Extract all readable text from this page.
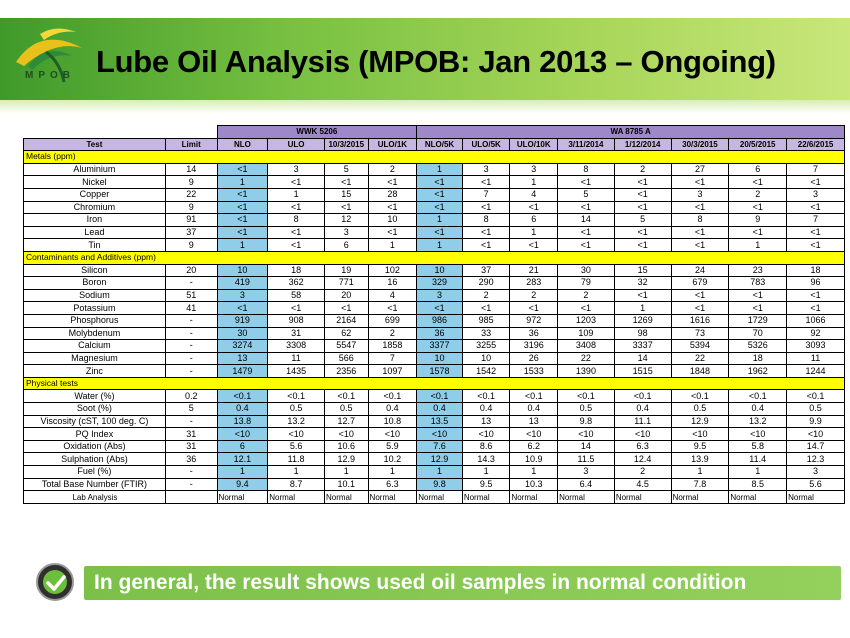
MPOB Lube Oil Analysis (MPOB: Jan 2013 – Ongoing)
		WWK 5206				WA 8785 A							
Test	Limit	NLO	ULO	10/3/2015	ULO/1K	NLO/5K	ULO/5K	ULO/10K	3/11/2014	1/12/2014	30/3/2015	20/5/2015	22/6/2015
Metals (ppm)													
Aluminium	14	<1	3	5	2	1	3	3	8	2	27	6	7
Nickel	9	1	<1	<1	<1	<1	<1	1	<1	<1	<1	<1	<1
Copper	22	<1	1	15	28	<1	7	4	5	<1	3	2	3
Chromium	9	<1	<1	<1	<1	<1	<1	<1	<1	<1	<1	<1	<1
Iron	91	<1	8	12	10	1	8	6	14	5	8	9	7
Lead	37	<1	<1	3	<1	<1	<1	1	<1	<1	<1	<1	<1
Tin	9	1	<1	6	1	1	<1	<1	<1	<1	<1	1	<1
Contaminants and Additives (ppm)													
Silicon	20	10	18	19	102	10	37	21	30	15	24	23	18
Boron	-	419	362	771	16	329	290	283	79	32	679	783	96
Sodium	51	3	58	20	4	3	2	2	2	<1	<1	<1	<1
Potassium	41	<1	<1	<1	<1	<1	<1	<1	<1	1	<1	<1	<1
Phosphorus	-	919	908	2164	699	986	985	972	1203	1269	1616	1729	1066
Molybdenum	-	30	31	62	2	36	33	36	109	98	73	70	92
Calcium	-	3274	3308	5547	1858	3377	3255	3196	3408	3337	5394	5326	3093
Magnesium	-	13	11	566	7	10	10	26	22	14	22	18	11
Zinc	-	1479	1435	2356	1097	1578	1542	1533	1390	1515	1848	1962	1244
Physical tests													
Water (%)	0.2	<0.1	<0.1	<0.1	<0.1	<0.1	<0.1	<0.1	<0.1	<0.1	<0.1	<0.1	<0.1
Soot (%)	5	0.4	0.5	0.5	0.4	0.4	0.4	0.4	0.5	0.4	0.5	0.4	0.5
Viscosity (cST, 100 deg. C)	-	13.8	13.2	12.7	10.8	13.5	13	13	9.8	11.1	12.9	13.2	9.9
PQ Index	31	<10	<10	<10	<10	<10	<10	<10	<10	<10	<10	<10	<10
Oxidation (Abs)	31	6	5.6	10.6	5.9	7.6	8.6	6.2	14	6.3	9.5	5.8	14.7
Sulphation (Abs)	36	12.1	11.8	12.9	10.2	12.9	14.3	10.9	11.5	12.4	13.9	11.4	12.3
Fuel (%)	-	1	1	1	1	1	1	1	3	2	1	1	3
Total Base Number (FTIR)	-	9.4	8.7	10.1	6.3	9.8	9.5	10.3	6.4	4.5	7.8	8.5	5.6
Lab Analysis		Normal	Normal	Normal	Normal	Normal	Normal	Normal	Normal	Normal	Normal	Normal	Normal
In general, the result shows used oil samples in normal condition
